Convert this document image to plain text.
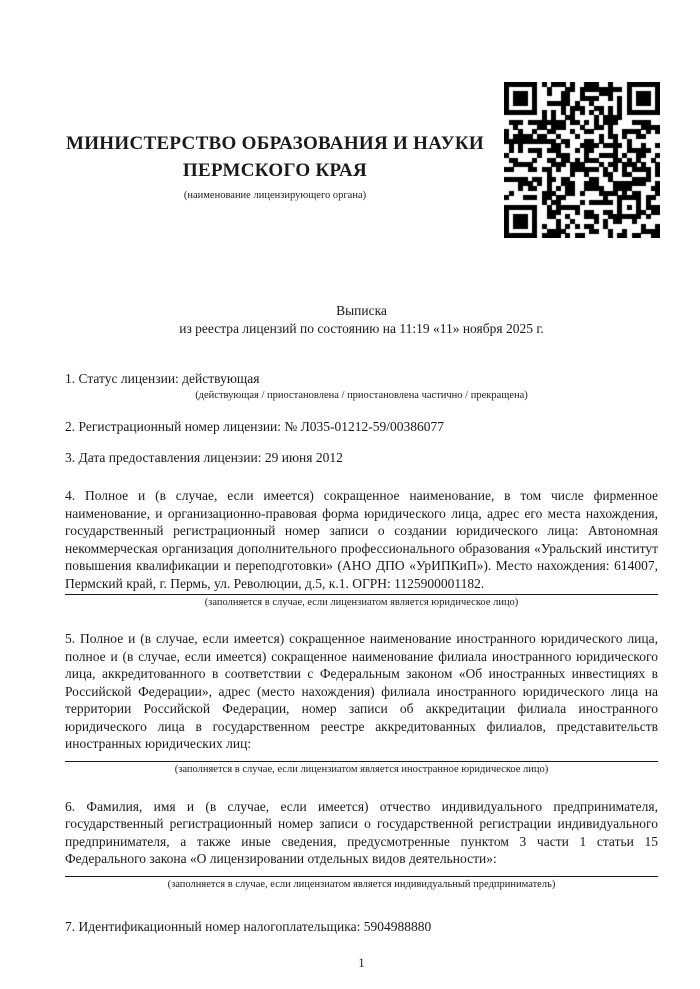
МИНИСТЕРСТВО ОБРАЗОВАНИЯ И НАУКИ
ПЕРМСКОГО КРАЯ
(наименование лицензирующего органа)
Выписка
из реестра лицензий по состоянию на 11:19 «11» ноября 2025 г.
1. Статус лицензии: действующая
(действующая / приостановлена / приостановлена частично / прекращена)
2. Регистрационный номер лицензии: № Л035-01212-59/00386077
3. Дата предоставления лицензии: 29 июня 2012
4. Полное и (в случае, если имеется) сокращенное наименование, в том числе фирменное наименование, и организационно-правовая форма юридического лица, адрес его места нахождения, государственный регистрационный номер записи о создании юридического лица: Автономная некоммерческая организация дополнительного профессионального образования «Уральский институт повышения квалификации и переподготовки» (АНО ДПО «УрИПКиП»). Место нахождения: 614007, Пермский край, г. Пермь, ул. Революции, д.5, к.1. ОГРН: 1125900001182.
(заполняется в случае, если лицензиатом является юридическое лицо)
5. Полное и (в случае, если имеется) сокращенное наименование иностранного юридического лица, полное и (в случае, если имеется) сокращенное наименование филиала иностранного юридического лица, аккредитованного в соответствии с Федеральным законом «Об иностранных инвестициях в Российской Федерации», адрес (место нахождения) филиала иностранного юридического лица на территории Российской Федерации, номер записи об аккредитации филиала иностранного юридического лица в государственном реестре аккредитованных филиалов, представительств иностранных юридических лиц:
(заполняется в случае, если лицензиатом является иностранное юридическое лицо)
6. Фамилия, имя и (в случае, если имеется) отчество индивидуального предпринимателя, государственный регистрационный номер записи о государственной регистрации индивидуального предпринимателя, а также иные сведения, предусмотренные пунктом 3 части 1 статьи 15 Федерального закона «О лицензировании отдельных видов деятельности»:
(заполняется в случае, если лицензиатом является индивидуальный предприниматель)
7. Идентификационный номер налогоплательщика: 5904988880
1
